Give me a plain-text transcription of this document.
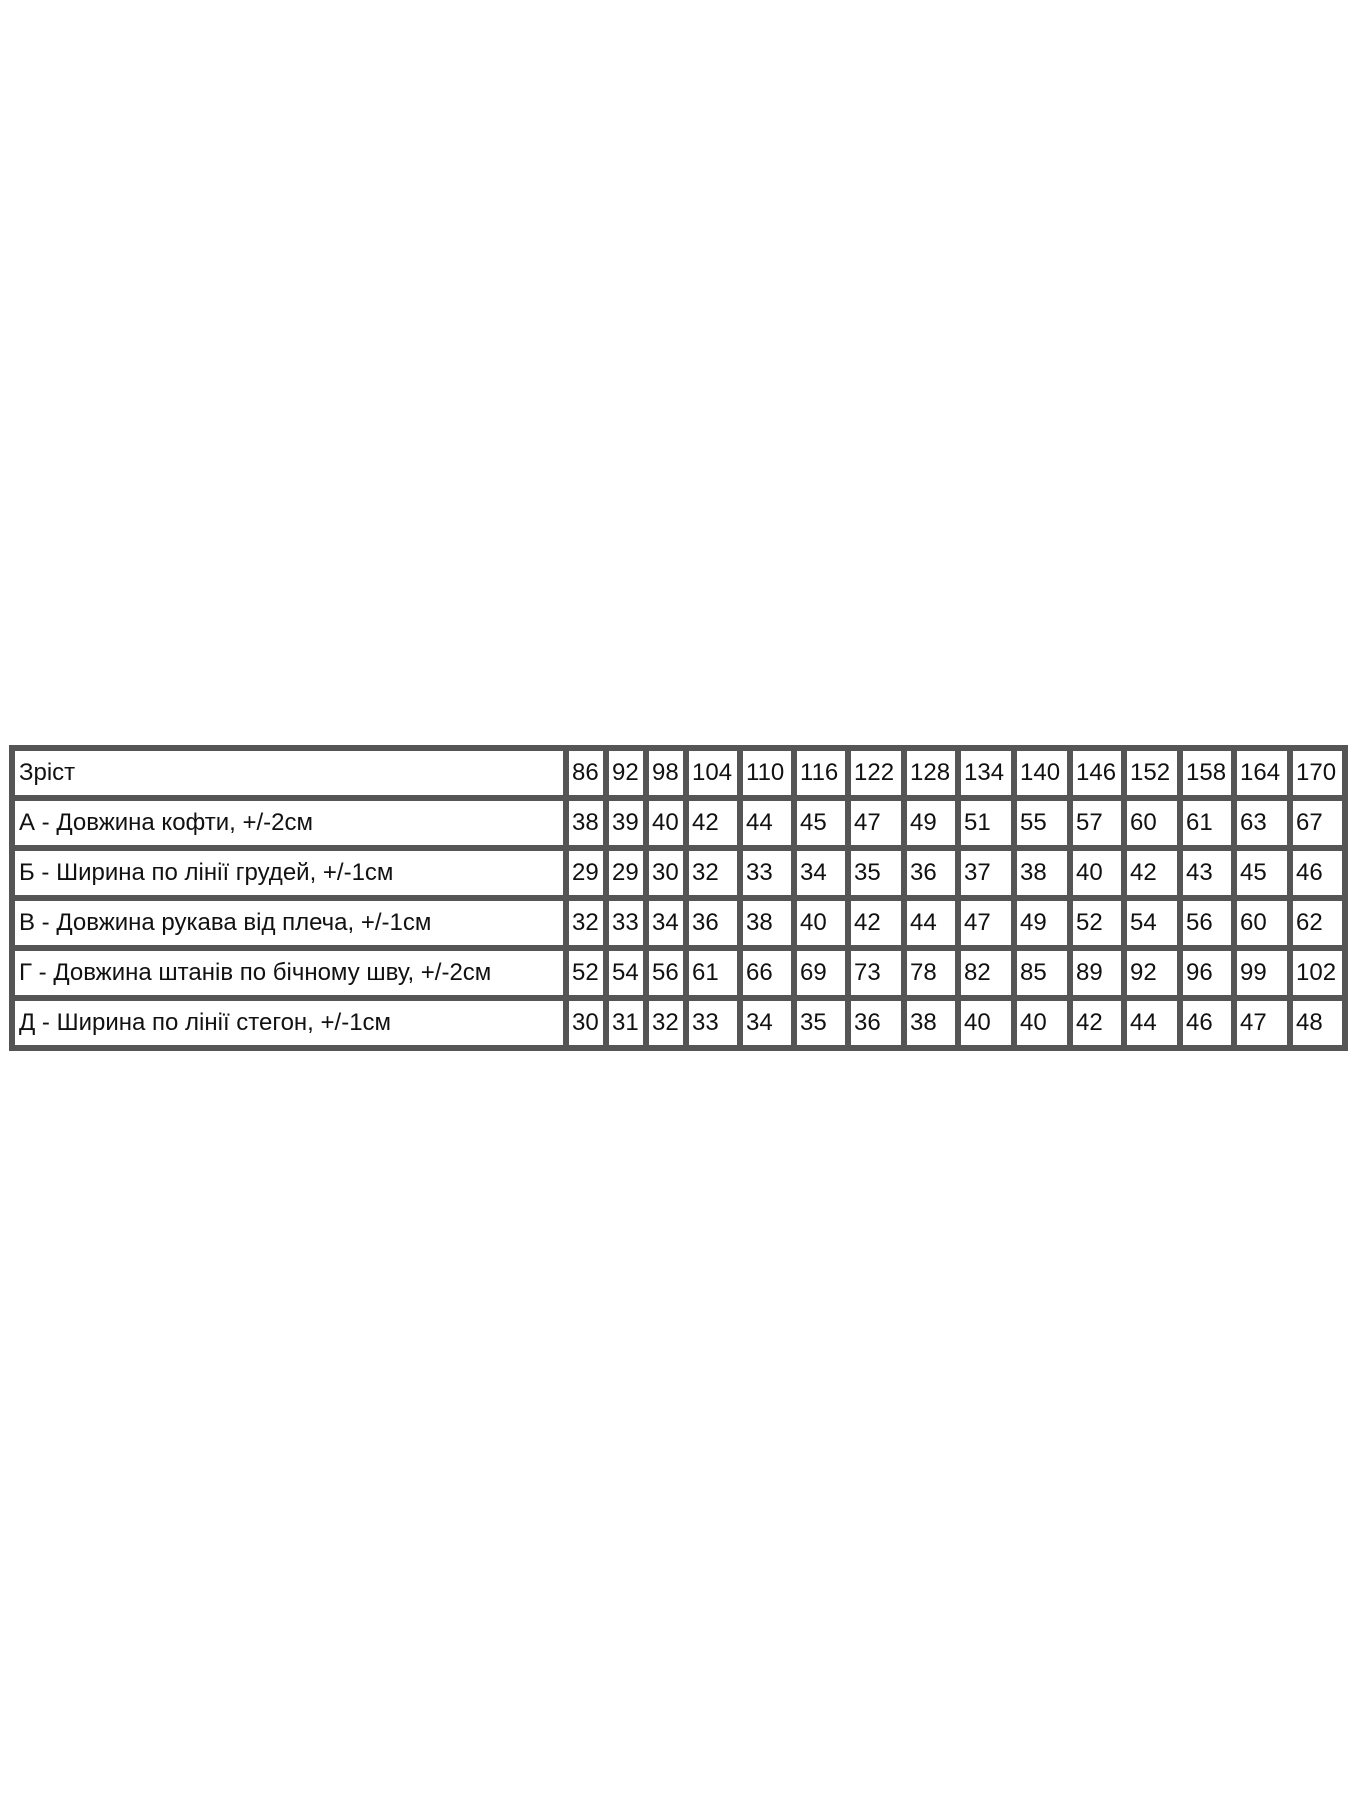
Зріст	86	92	98	104	110	116	122	128	134	140	146	152	158	164	170
А - Довжина кофти, +/-2см	38	39	40	42	44	45	47	49	51	55	57	60	61	63	67
Б - Ширина по лінії грудей, +/-1см	29	29	30	32	33	34	35	36	37	38	40	42	43	45	46
В - Довжина рукава від плеча, +/-1см	32	33	34	36	38	40	42	44	47	49	52	54	56	60	62
Г - Довжина штанів по бічному шву, +/-2см	52	54	56	61	66	69	73	78	82	85	89	92	96	99	102
Д - Ширина по лінії стегон, +/-1см	30	31	32	33	34	35	36	38	40	40	42	44	46	47	48
